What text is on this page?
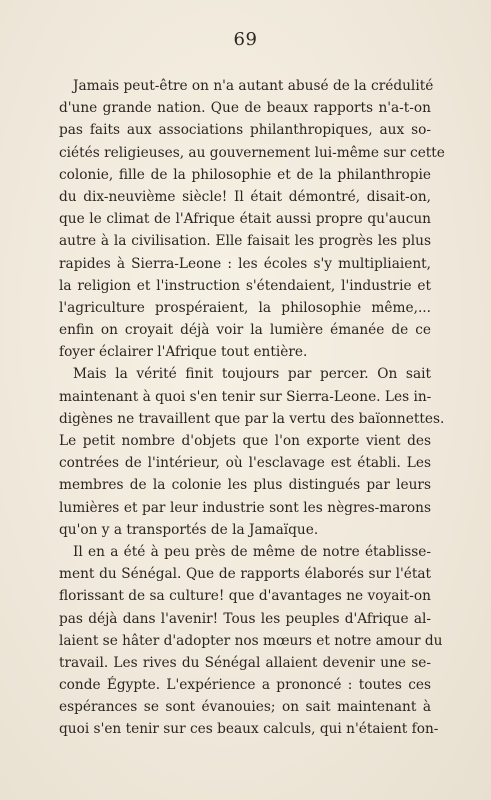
69
Jamais peut-être on n'a autant abusé de la crédulité
d'une grande nation. Que de beaux rapports n'a-t-on
pas faits aux associations philanthropiques, aux so-
ciétés religieuses, au gouvernement lui-même sur cette
colonie, fille de la philosophie et de la philanthropie
du dix-neuvième siècle! Il était démontré, disait-on,
que le climat de l'Afrique était aussi propre qu'aucun
autre à la civilisation. Elle faisait les progrès les plus
rapides à Sierra-Leone : les écoles s'y multipliaient,
la religion et l'instruction s'étendaient, l'industrie et
l'agriculture prospéraient, la philosophie même,...
enfin on croyait déjà voir la lumière émanée de ce
foyer éclairer l'Afrique tout entière.
Mais la vérité finit toujours par percer. On sait
maintenant à quoi s'en tenir sur Sierra-Leone. Les in-
digènes ne travaillent que par la vertu des baïonnettes.
Le petit nombre d'objets que l'on exporte vient des
contrées de l'intérieur, où l'esclavage est établi. Les
membres de la colonie les plus distingués par leurs
lumières et par leur industrie sont les nègres-marons
qu'on y a transportés de la Jamaïque.
Il en a été à peu près de même de notre établisse-
ment du Sénégal. Que de rapports élaborés sur l'état
florissant de sa culture! que d'avantages ne voyait-on
pas déjà dans l'avenir! Tous les peuples d'Afrique al-
laient se hâter d'adopter nos mœurs et notre amour du
travail. Les rives du Sénégal allaient devenir une se-
conde Égypte. L'expérience a prononcé : toutes ces
espérances se sont évanouies; on sait maintenant à
quoi s'en tenir sur ces beaux calculs, qui n'étaient fon-
